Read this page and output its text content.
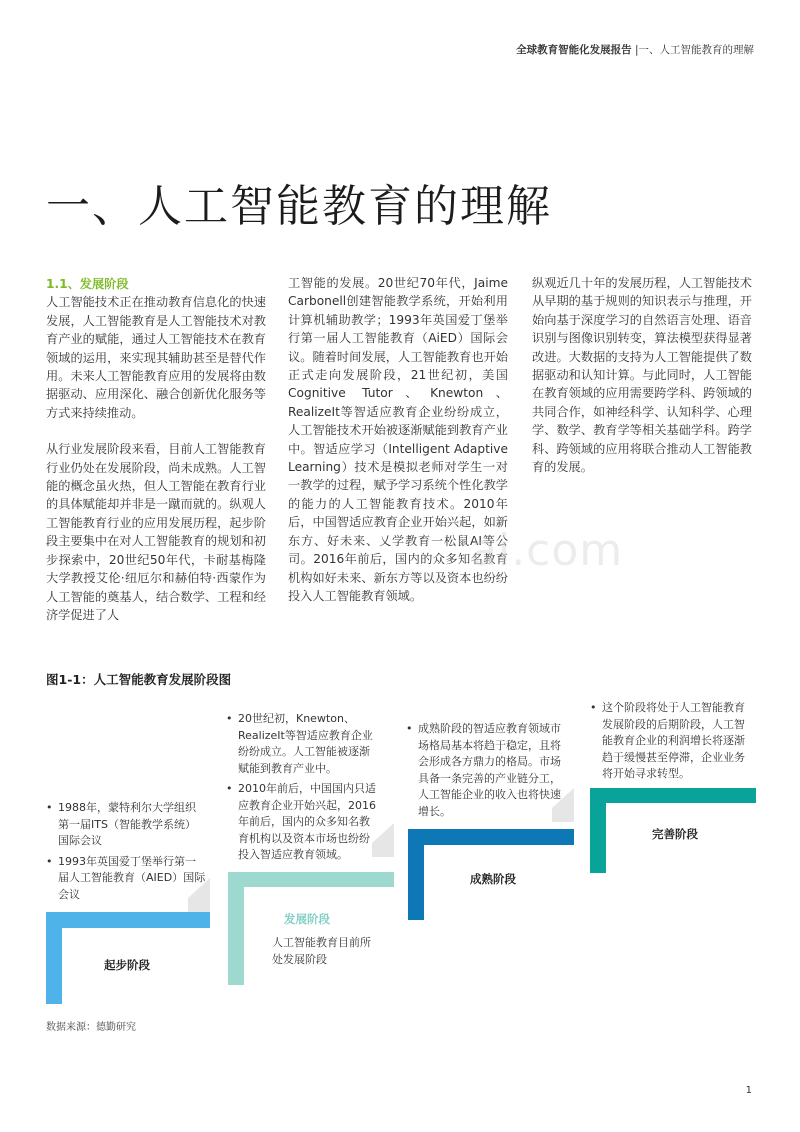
全球教育智能化发展报告 |一、人工智能教育的理解
一、人工智能教育的理解
1.1、发展阶段

人工智能技术正在推动教育信息化的快速发展，人工智能教育是人工智能技术对教育产业的赋能，通过人工智能技术在教育领域的运用，来实现其辅助甚至是替代作用。未来人工智能教育应用的发展将由数据驱动、应用深化、融合创新优化服务等方式来持续推动。

从行业发展阶段来看，目前人工智能教育行业仍处在发展阶段，尚未成熟。人工智能的概念虽火热，但人工智能在教育行业的具体赋能却并非是一蹴而就的。纵观人工智能教育行业的应用发展历程，起步阶段主要集中在对人工智能教育的规划和初步探索中，20世纪50年代，卡耐基梅隆大学教授艾伦·纽厄尔和赫伯特·西蒙作为人工智能的奠基人，结合数学、工程和经济学促进了人

工智能的发展。20世纪70年代，Jaime Carbonell创建智能教学系统，开始利用计算机辅助教学；1993年英国爱丁堡举行第一届人工智能教育（AiED）国际会议。随着时间发展，人工智能教育也开始正式走向发展阶段，21世纪初，美国Cognitive Tutor、Knewton、RealizeIt等智适应教育企业纷纷成立，人工智能技术开始被逐渐赋能到教育产业中。智适应学习（Intelligent Adaptive Learning）技术是模拟老师对学生一对一教学的过程，赋予学习系统个性化教学的能力的人工智能教育技术。2010年后，中国智适应教育企业开始兴起，如新东方、好未来、乂学教育一松鼠AI等公司。2016年前后，国内的众多知名教育机构如好未来、新东方等以及资本也纷纷投入人工智能教育领域。

纵观近几十年的发展历程，人工智能技术从早期的基于规则的知识表示与推理，开始向基于深度学习的自然语言处理、语音识别与图像识别转变，算法模型获得显著改进。大数据的支持为人工智能提供了数据驱动和认知计算。与此同时，人工智能在教育领域的应用需要跨学科、跨领域的共同合作，如神经科学、认知科学、心理学、数学、教育学等相关基础学科。跨学科、跨领域的应用将联合推动人工智能教育的发展。

ai.com
图1-1：人工智能教育发展阶段图
• 1988年，蒙特利尔大学组织第一届ITS（智能教学系统）国际会议
• 1993年英国爱丁堡举行第一届人工智能教育（AIED）国际会议
起步阶段
• 20世纪初，Knewton、RealizeIt等智适应教育企业纷纷成立。人工智能被逐渐赋能到教育产业中。
• 2010年前后，中国国内只适应教育企业开始兴起，2016年前后，国内的众多知名教育机构以及资本市场也纷纷投入智适应教育领域。
发展阶段
人工智能教育目前所处发展阶段
• 成熟阶段的智适应教育领域市场格局基本将趋于稳定，且将会形成各方鼎力的格局。市场具备一条完善的产业链分工，人工智能企业的收入也将快速增长。
成熟阶段
• 这个阶段将处于人工智能教育发展阶段的后期阶段，人工智能教育企业的利润增长将逐渐趋于缓慢甚至停滞，企业业务将开始寻求转型。
完善阶段
数据来源：德勤研究
1
